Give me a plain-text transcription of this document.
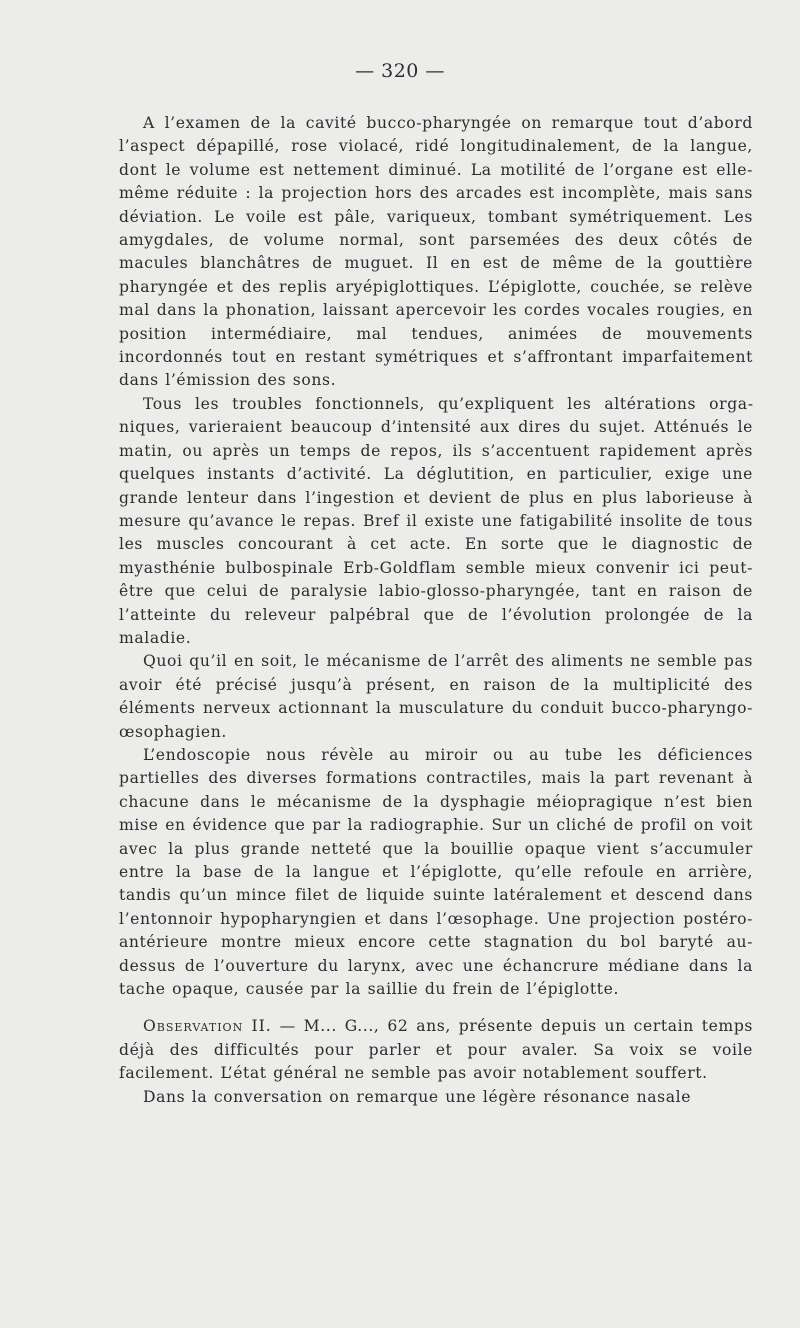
— 320 —

A l’examen de la cavité bucco-pharyngée on remarque tout d’abord l’aspect dépapillé, rose violacé, ridé longitudinalement, de la langue, dont le volume est nettement diminué. La motilité de l’organe est elle-même réduite : la projection hors des arcades est incomplète, mais sans déviation. Le voile est pâle, variqueux, tombant symétriquement. Les amygdales, de volume normal, sont parsemées des deux côtés de macules blanchâtres de muguet. Il en est de même de la gouttière pharyngée et des replis aryépiglottiques. L’épiglotte, couchée, se relève mal dans la phonation, laissant apercevoir les cordes vocales rougies, en position intermédiaire, mal tendues, animées de mouvements incordonnés tout en restant symétriques et s’affrontant imparfaitement dans l’émission des sons.

Tous les troubles fonctionnels, qu’expliquent les altérations organiques, varieraient beaucoup d’intensité aux dires du sujet. Atténués le matin, ou après un temps de repos, ils s’accentuent rapidement après quelques instants d’activité. La déglutition, en particulier, exige une grande lenteur dans l’ingestion et devient de plus en plus laborieuse à mesure qu’avance le repas. Bref il existe une fatigabilité insolite de tous les muscles concourant à cet acte. En sorte que le diagnostic de myasthénie bulbospinale Erb-Goldflam semble mieux convenir ici peut-être que celui de paralysie labio-glosso-pharyngée, tant en raison de l’atteinte du releveur palpébral que de l’évolution prolongée de la maladie.

Quoi qu’il en soit, le mécanisme de l’arrêt des aliments ne semble pas avoir été précisé jusqu’à présent, en raison de la multiplicité des éléments nerveux actionnant la musculature du conduit bucco-pharyngo-œsophagien.

L’endoscopie nous révèle au miroir ou au tube les déficiences partielles des diverses formations contractiles, mais la part revenant à chacune dans le mécanisme de la dysphagie méiopragique n’est bien mise en évidence que par la radiographie. Sur un cliché de profil on voit avec la plus grande netteté que la bouillie opaque vient s’accumuler entre la base de la langue et l’épiglotte, qu’elle refoule en arrière, tandis qu’un mince filet de liquide suinte latéralement et descend dans l’entonnoir hypopharyngien et dans l’œsophage. Une projection postéro-antérieure montre mieux encore cette stagnation du bol baryté au-dessus de l’ouverture du larynx, avec une échancrure médiane dans la tache opaque, causée par la saillie du frein de l’épiglotte.

Observation II. — M... G..., 62 ans, présente depuis un certain temps déjà des difficultés pour parler et pour avaler. Sa voix se voile facilement. L’état général ne semble pas avoir notablement souffert.

Dans la conversation on remarque une légère résonance nasale
